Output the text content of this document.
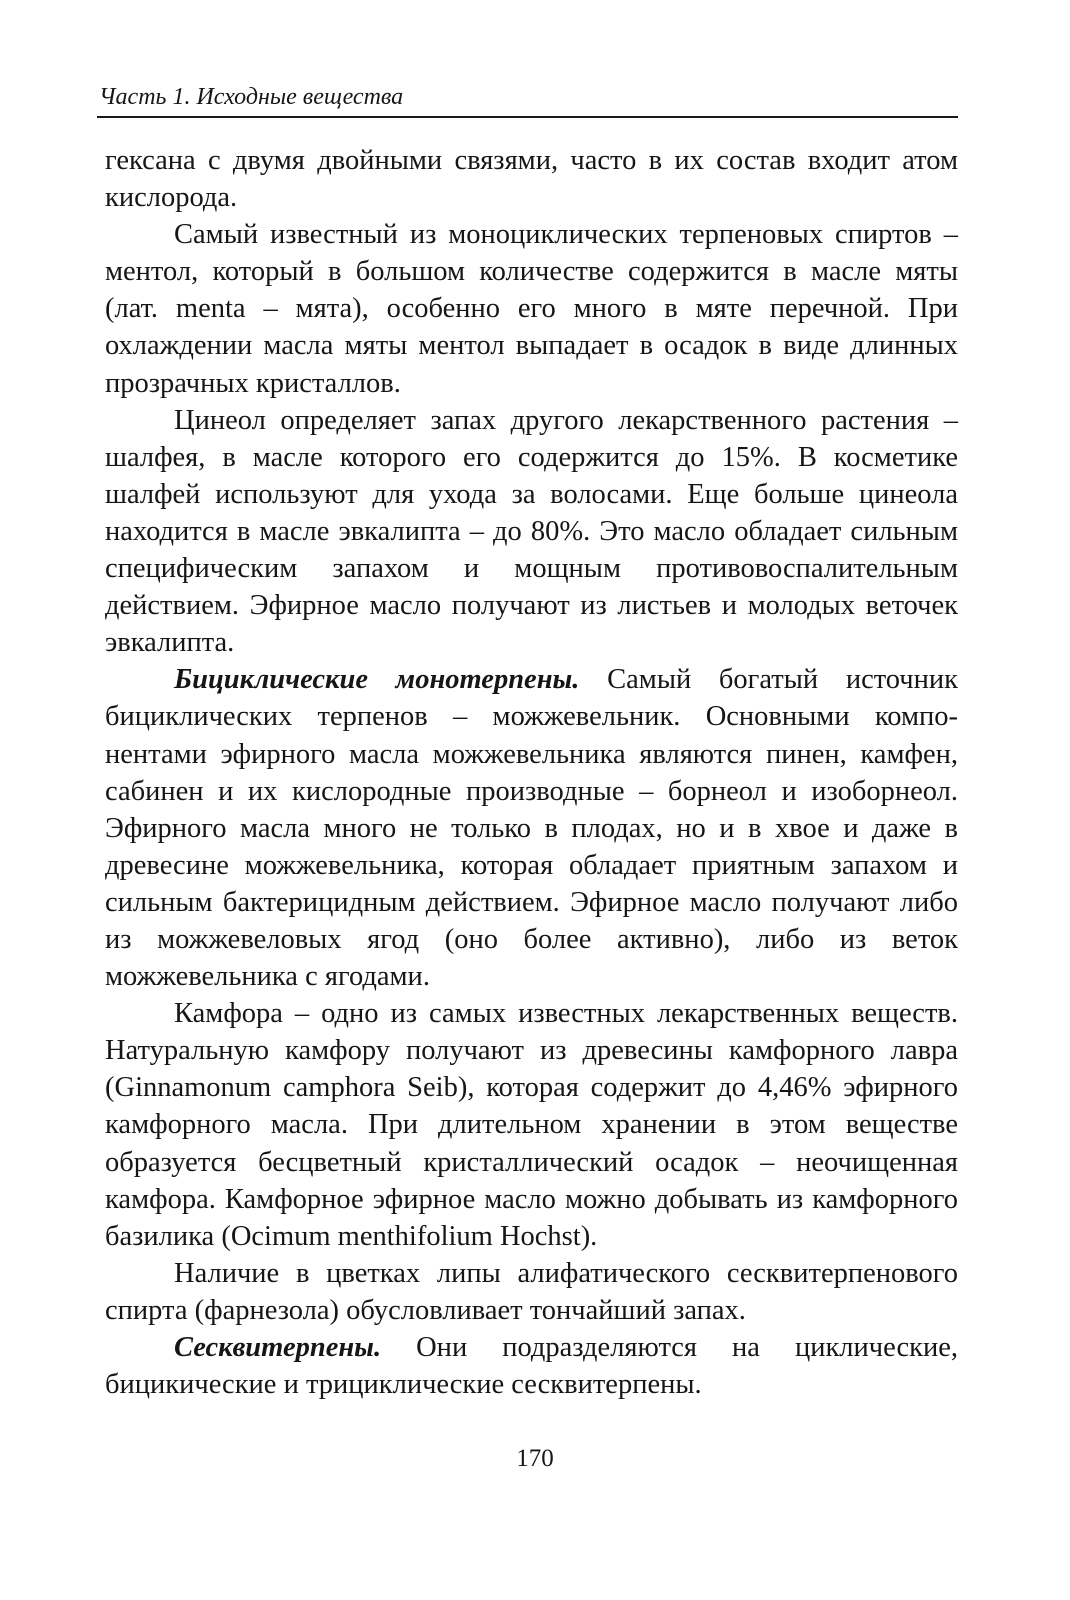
Часть 1. Исходные вещества

гексана с двумя двойными связями, часто в их состав входит атом кислорода.

Самый известный из моноциклических терпеновых спиртов – ментол, который в большом количестве содержится в масле мяты (лат. menta – мята), особенно его много в мяте перечной. При охлаждении масла мяты ментол выпадает в осадок в виде длинных прозрачных кристаллов.

Цинеол определяет запах другого лекарственного растения – шалфея, в масле которого его содержится до 15%. В косметике шалфей используют для ухода за волосами. Еще больше цинеола находится в масле эвкалипта – до 80%. Это масло обладает сильным специфическим запахом и мощным противовоспалительным действием. Эфирное масло получают из листьев и молодых веточек эвкалипта.

Бициклические монотерпены. Самый богатый источник бициклических терпенов – можжевельник. Основными компонентами эфирного масла можжевельника являются пинен, камфен, сабинен и их кислородные производные – борнеол и изоборнеол. Эфирного масла много не только в плодах, но и в хвое и даже в древесине можжевельника, которая обладает приятным запахом и сильным бактерицидным действием. Эфирное масло получают либо из можжевеловых ягод (оно более активно), либо из веток можжевельника с ягодами.

Камфора – одно из самых известных лекарственных веществ. Натуральную камфору получают из древесины камфорного лавра (Ginnamonum camphora Seib), которая содержит до 4,46% эфирного камфорного масла. При длительном хранении в этом веществе образуется бесцветный кристаллический осадок – неочищенная камфора. Камфорное эфирное масло можно добывать из камфорного базилика (Ocimum menthifolium Hochst).

Наличие в цветках липы алифатического сесквитерпенового спирта (фарнезола) обусловливает тончайший запах.

Сесквитерпены. Они подразделяются на циклические, бицикические и трициклические сесквитерпены.

170
